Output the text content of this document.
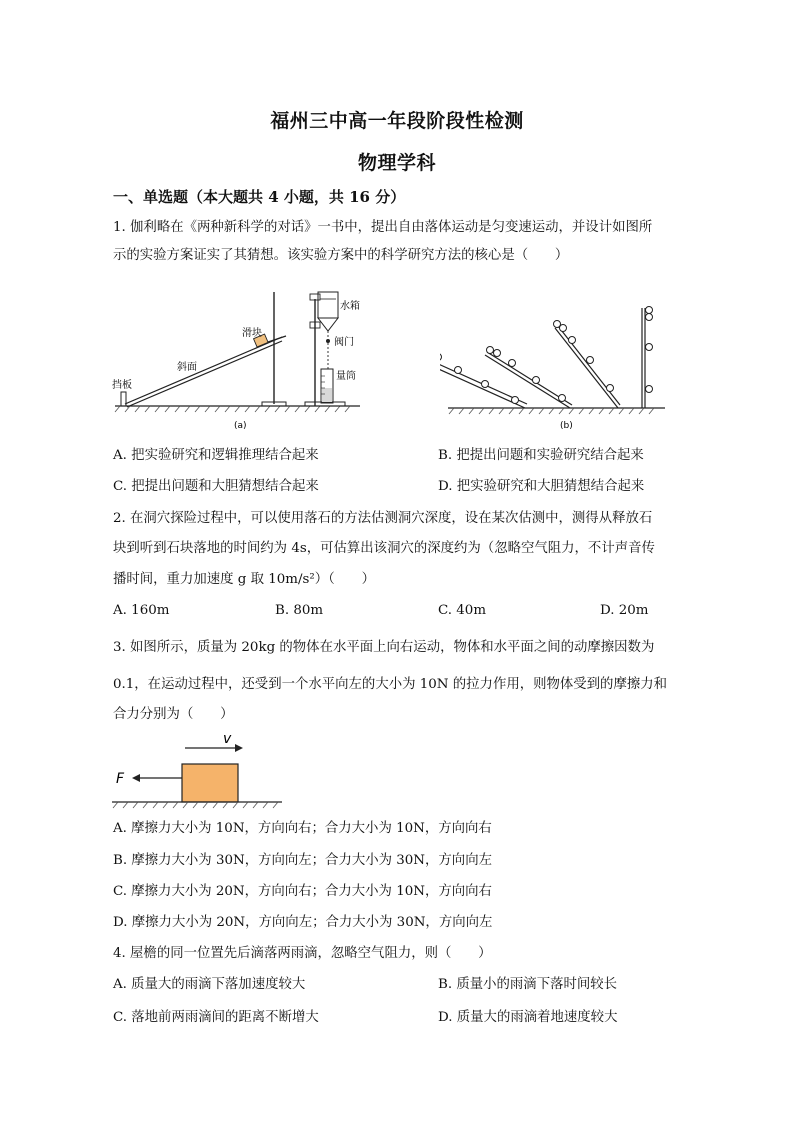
福州三中高一年段阶段性检测
物理学科
一、单选题（本大题共 4 小题，共 16 分）
1. 伽利略在《两种新科学的对话》一书中，提出自由落体运动是匀变速运动，并设计如图所
示的实验方案证实了其猜想。该实验方案中的科学研究方法的核心是（　　）
滑块
斜面
挡板
水箱
阀门
量筒
(a)	(b)
A. 把实验研究和逻辑推理结合起来	B. 把提出问题和实验研究结合起来
C. 把提出问题和大胆猜想结合起来	D. 把实验研究和大胆猜想结合起来
2. 在洞穴探险过程中，可以使用落石的方法估测洞穴深度，设在某次估测中，测得从释放石
块到听到石块落地的时间约为 4s，可估算出该洞穴的深度约为（忽略空气阻力，不计声音传
播时间，重力加速度 g 取 10m/s²）（　　）
A. 160m	B. 80m	C. 40m	D. 20m
3. 如图所示，质量为 20kg 的物体在水平面上向右运动，物体和水平面之间的动摩擦因数为
0.1，在运动过程中，还受到一个水平向左的大小为 10N 的拉力作用，则物体受到的摩擦力和
合力分别为（　　）
v
F
A. 摩擦力大小为 10N，方向向右；合力大小为 10N，方向向右
B. 摩擦力大小为 30N，方向向左；合力大小为 30N，方向向左
C. 摩擦力大小为 20N，方向向右；合力大小为 10N，方向向右
D. 摩擦力大小为 20N，方向向左；合力大小为 30N，方向向左
4. 屋檐的同一位置先后滴落两雨滴，忽略空气阻力，则（　　）
A. 质量大的雨滴下落加速度较大	B. 质量小的雨滴下落时间较长
C. 落地前两雨滴间的距离不断增大	D. 质量大的雨滴着地速度较大
